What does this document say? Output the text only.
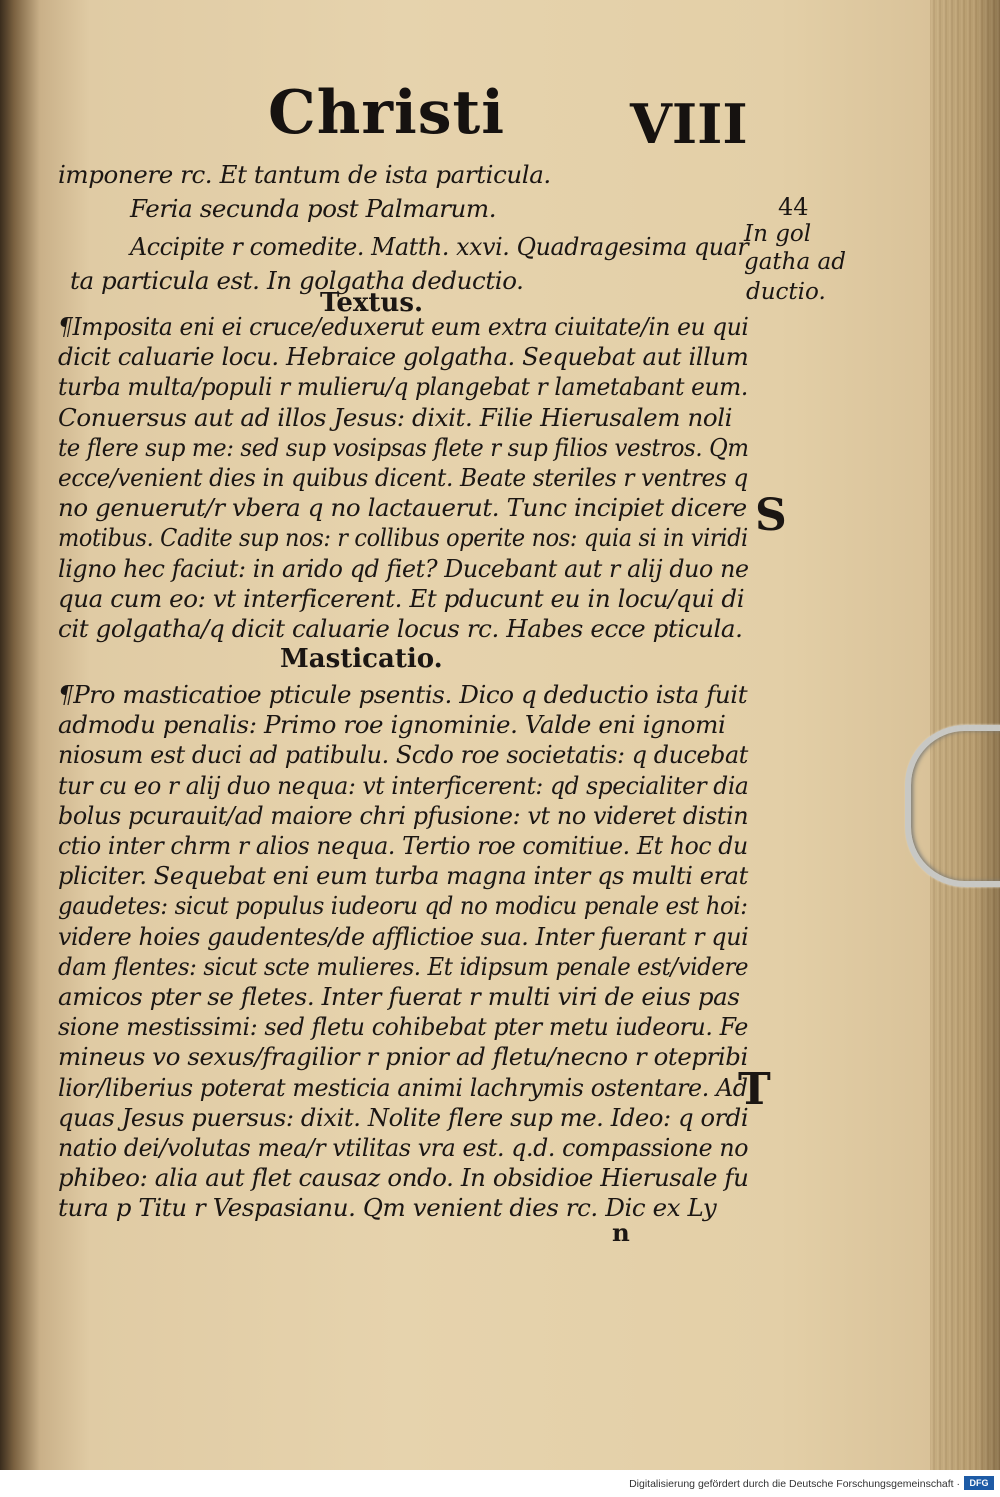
Christi VIII
imponere rc. Et tantum de ista particula.
Feria secunda post Palmarum.
Accipite r comedite. Matth. xxvi. Quadragesima quar
ta particula est. In golgatha deductio.
Textus.
¶Imposita eni ei cruce/eduxerut eum extra ciuitate/in eu qui
dicit caluarie locu. Hebraice golgatha. Sequebat aut illum
turba multa/populi r mulieru/q plangebat r lametabant eum.
Conuersus aut ad illos Jesus: dixit. Filie Hierusalem noli
te flere sup me: sed sup vosipsas flete r sup filios vestros. Qm
ecce/venient dies in quibus dicent. Beate steriles r ventres q
no genuerut/r vbera q no lactauerut. Tunc incipiet dicere
motibus. Cadite sup nos: r collibus operite nos: quia si in viridi
ligno hec faciut: in arido qd fiet? Ducebant aut r alij duo ne
qua cum eo: vt interficerent. Et pducunt eu in locu/qui di
cit golgatha/q dicit caluarie locus rc. Habes ecce pticula.
Masticatio.
¶Pro masticatioe pticule psentis. Dico q deductio ista fuit
admodu penalis: Primo roe ignominie. Valde eni ignomi
niosum est duci ad patibulu. Scdo roe societatis: q ducebat
tur cu eo r alij duo nequa: vt interficerent: qd specialiter dia
bolus pcurauit/ad maiore chri pfusione: vt no videret distin
ctio inter chrm r alios nequa. Tertio roe comitiue. Et hoc du
pliciter. Sequebat eni eum turba magna inter qs multi erat
gaudetes: sicut populus iudeoru qd no modicu penale est hoi:
videre hoies gaudentes/de afflictioe sua. Inter fuerant r qui
dam flentes: sicut scte mulieres. Et idipsum penale est/videre
amicos pter se fletes. Inter fuerat r multi viri de eius pas
sione mestissimi: sed fletu cohibebat pter metu iudeoru. Fe
mineus vo sexus/fragilior r pnior ad fletu/necno r otepribi
lior/liberius poterat mesticia animi lachrymis ostentare. Ad
quas Jesus puersus: dixit. Nolite flere sup me. Ideo: q ordi
natio dei/volutas mea/r vtilitas vra est. q.d. compassione no
phibeo: alia aut flet causaz ondo. In obsidioe Hierusale fu
tura p Titu r Vespasianu. Qm venient dies rc. Dic ex Ly
44
In gol
gatha ad
ductio.
S
T
n
Digitalisierung gefördert durch die Deutsche Forschungsgemeinschaft ·	DFG
